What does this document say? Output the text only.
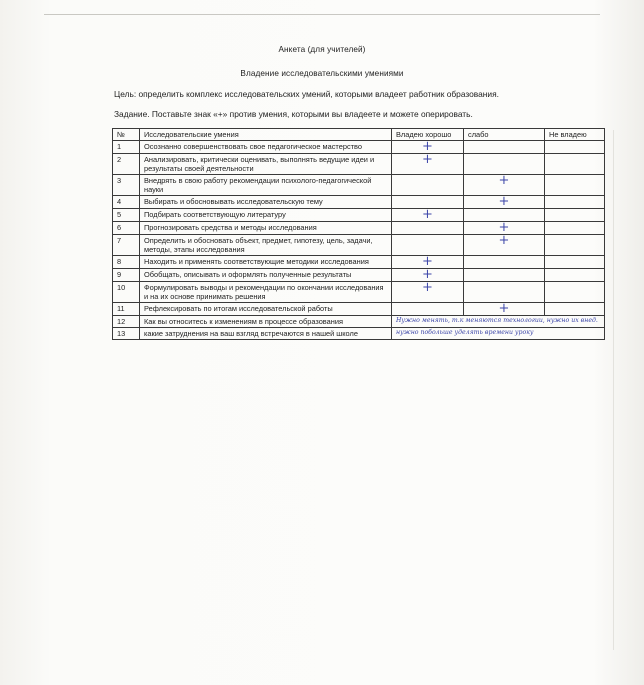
Анкета (для учителей)
Владение исследовательскими умениями
Цель: определить комплекс исследовательских умений, которыми владеет работник образования.
Задание. Поставьте знак «+» против умения, которыми вы владеете и можете оперировать.
№	Исследовательские умения	Владею хорошо	слабо	Не владею
1	Осознанно совершенствовать свое педагогическое мастерство	+		
2	Анализировать, критически оценивать, выполнять ведущие идеи и результаты своей деятельности	+		
3	Внедрять в свою работу рекомендации психолого-педагогической науки		+	
4	Выбирать и обосновывать исследовательскую тему		+	
5	Подбирать соответствующую литературу	+		
6	Прогнозировать средства и методы исследования		+	
7	Определить и обосновать объект, предмет, гипотезу, цель, задачи, методы, этапы исследования		+	
8	Находить и применять соответствующие методики исследования	+		
9	Обобщать, описывать и оформлять полученные результаты	+		
10	Формулировать выводы и рекомендации по окончании исследования и на их основе принимать решения	+		
11	Рефлексировать по итогам исследовательской работы		+	
12	Как вы относитесь к изменениям в процессе образования	Нужно менять, т.к меняются технологии, нужно их внед.		

13	какие затруднения на ваш взгляд встречаются в нашей школе	нужно побольше уделять времени уроку		
